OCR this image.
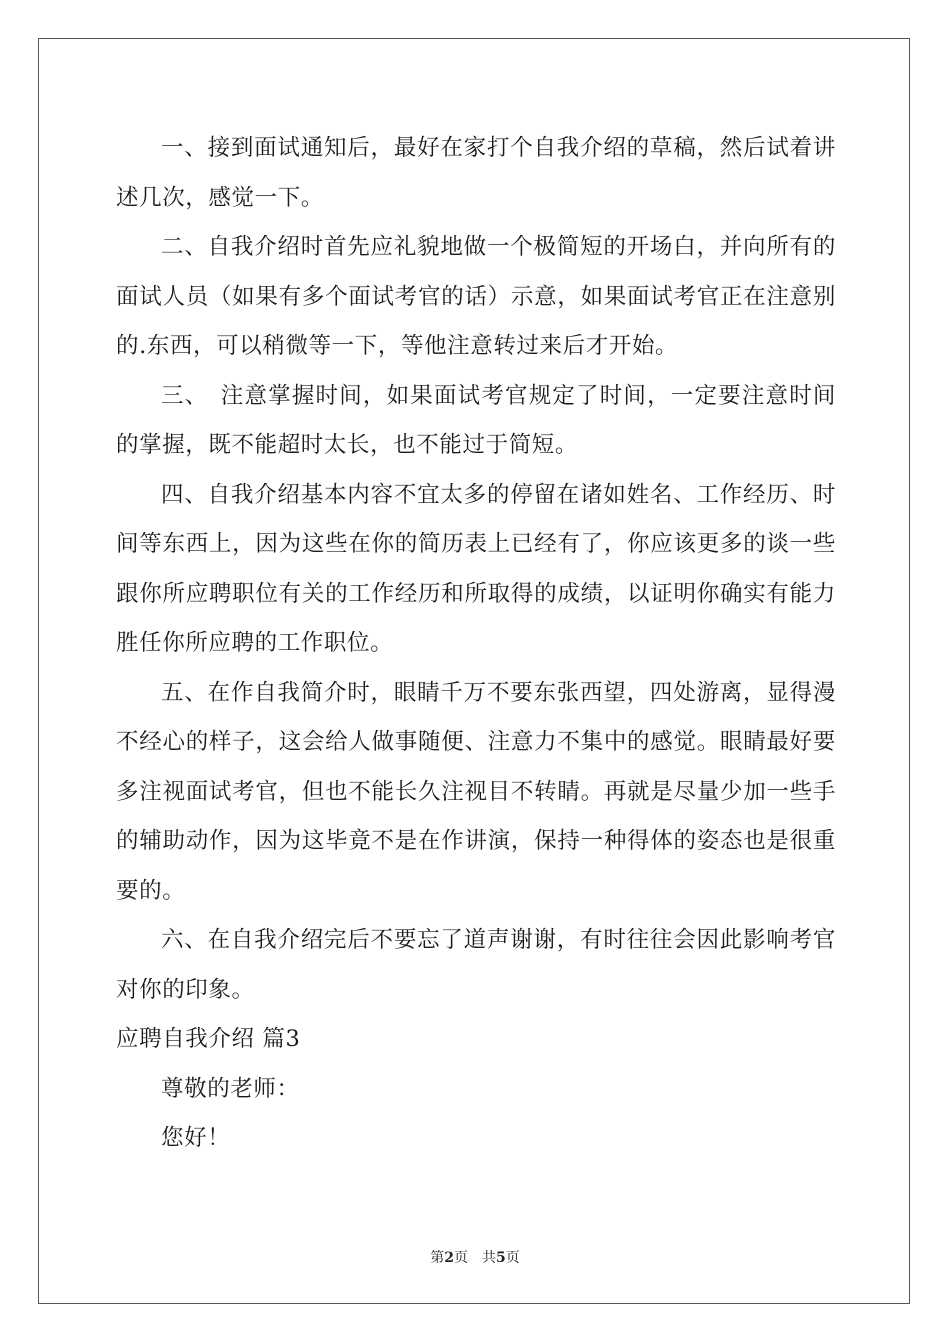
一、接到面试通知后，最好在家打个自我介绍的草稿，然后试着讲述几次，感觉一下。

二、自我介绍时首先应礼貌地做一个极简短的开场白，并向所有的面试人员（如果有多个面试考官的话）示意，如果面试考官正在注意别的.东西，可以稍微等一下，等他注意转过来后才开始。

三、　注意掌握时间，如果面试考官规定了时间，一定要注意时间的掌握，既不能超时太长，也不能过于简短。

四、自我介绍基本内容不宜太多的停留在诸如姓名、工作经历、时间等东西上，因为这些在你的简历表上已经有了，你应该更多的谈一些跟你所应聘职位有关的工作经历和所取得的成绩，以证明你确实有能力胜任你所应聘的工作职位。

五、在作自我简介时，眼睛千万不要东张西望，四处游离，显得漫不经心的样子，这会给人做事随便、注意力不集中的感觉。眼睛最好要多注视面试考官，但也不能长久注视目不转睛。再就是尽量少加一些手的辅助动作，因为这毕竟不是在作讲演，保持一种得体的姿态也是很重要的。

六、在自我介绍完后不要忘了道声谢谢，有时往往会因此影响考官对你的印象。

应聘自我介绍 篇3

尊敬的老师：

您好！

第2页 共5页
